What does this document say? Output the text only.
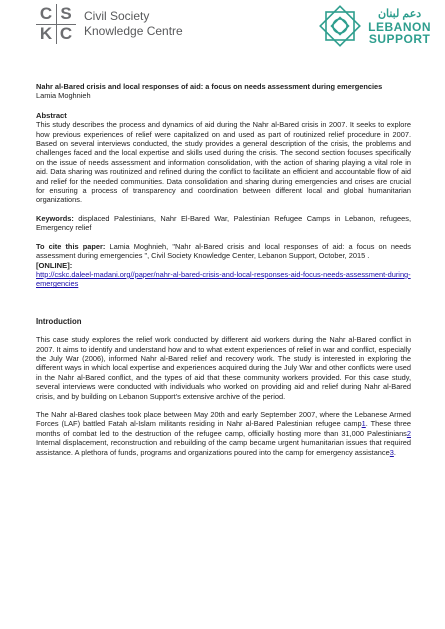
C S
K C
Civil Society
Knowledge Centre
دعم لبنان
LEBANON
SUPPORT

Nahr al-Bared crisis and local responses of aid: a focus on needs assessment during emergencies

Lamia Moghnieh

Abstract

This study describes the process and dynamics of aid during the Nahr al-Bared crisis in 2007. It seeks to explore how previous experiences of relief were capitalized on and used as part of routinized relief procedure in 2007. Based on several interviews conducted, the study provides a general description of the crisis, the problems and challenges faced and the local expertise and skills used during the crisis. The second section focuses specifically on the issue of needs assessment and information consolidation, with the action of sharing playing a vital role in aid. Data sharing was routinized and refined during the conflict to facilitate an efficient and accountable flow of aid and relief for the needed communities. Data consolidation and sharing during emergencies and crises are crucial for ensuring a process of transparency and coordination between different local and global humanitarian organizations.

Keywords: displaced Palestinians, Nahr El-Bared War, Palestinian Refugee Camps in Lebanon, refugees, Emergency relief

To cite this paper: Lamia Moghnieh, "Nahr al-Bared crisis and local responses of aid: a focus on needs assessment during emergencies ", Civil Society Knowledge Center, Lebanon Support, October, 2015 .

[ONLINE]:

http://cskc.daleel-madani.org//paper/nahr-al-bared-crisis-and-local-responses-aid-focus-needs-assessment-during-emergencies

Introduction

This case study explores the relief work conducted by different aid workers during the Nahr al-Bared conflict in 2007. It aims to identify and understand how and to what extent experiences of relief in war and conflict, especially the July War (2006), informed Nahr al-Bared relief and recovery work. The study is interested in exploring the different ways in which local expertise and experiences acquired during the July War and other conflicts were used in the Nahr al-Bared conflict, and the types of aid that these community workers provided. For this case study, several interviews were conducted with individuals who worked on providing aid and relief during Nahr al-Bared crisis, and by building on Lebanon Support's extensive archive of the period.

The Nahr al-Bared clashes took place between May 20th and early September 2007, where the Lebanese Armed Forces (LAF) battled Fatah al-Islam militants residing in Nahr al-Bared Palestinian refugee camp1. These three months of combat led to the destruction of the refugee camp, officially hosting more than 31,000 Palestinians2 Internal displacement, reconstruction and rebuilding of the camp became urgent humanitarian issues that required assistance. A plethora of funds, programs and organizations poured into the camp for emergency assistance3.
